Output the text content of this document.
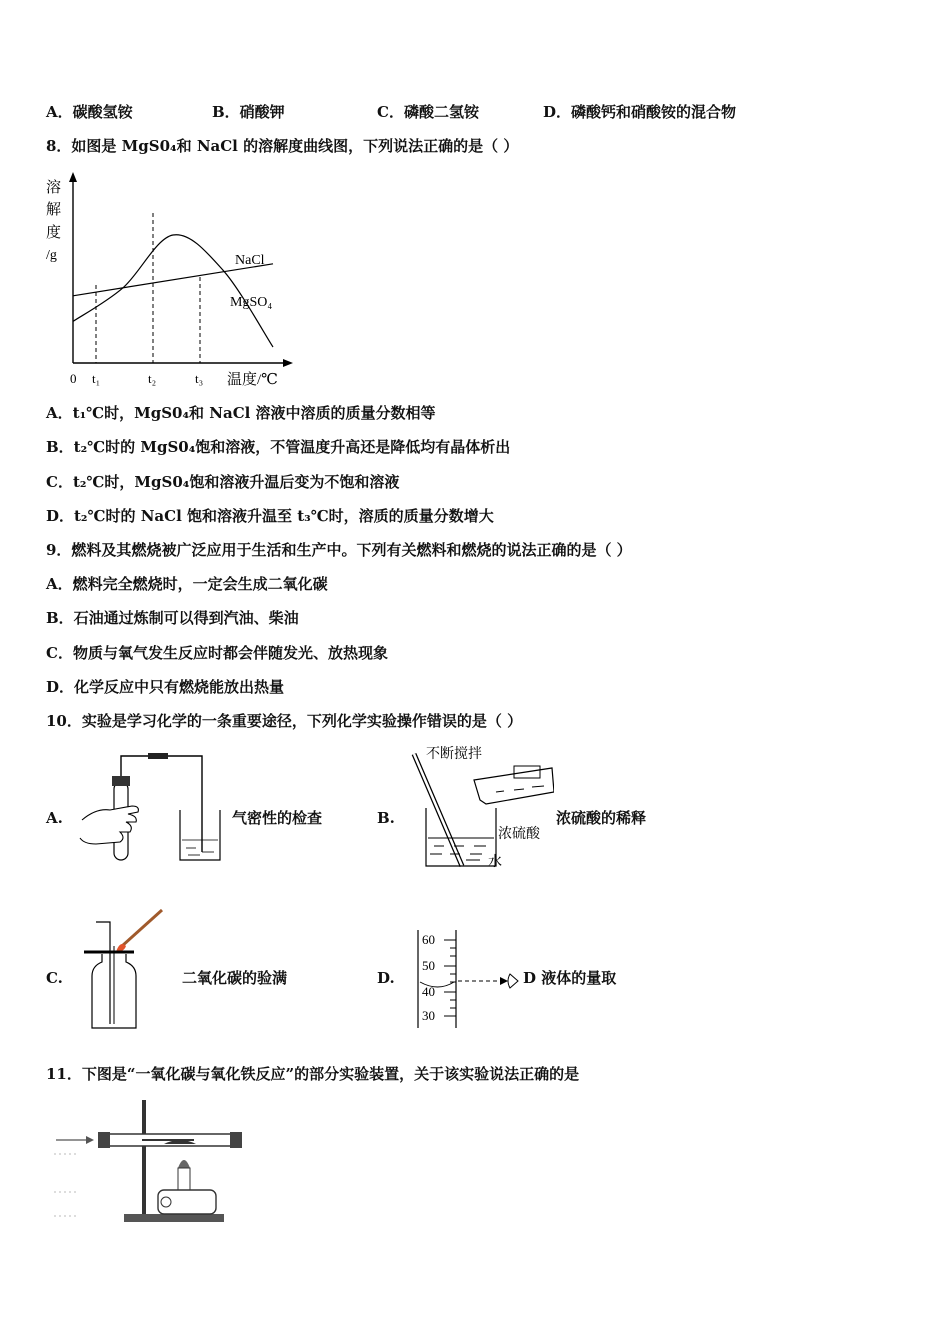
A．碳酸氢铵	B．硝酸钾	C．磷酸二氢铵	D．磷酸钙和硝酸铵的混合物
8．如图是 MgS0₄和 NaCl 的溶解度曲线图，下列说法正确的是（ ）
溶
解
度
/g
0 t₁	t₂	t₃ 温度/℃
NaCl
MgSO₄
A．t₁℃时，MgS0₄和 NaCl 溶液中溶质的质量分数相等
B．t₂℃时的 MgS0₄饱和溶液，不管温度升高还是降低均有晶体析出
C．t₂℃时，MgS0₄饱和溶液升温后变为不饱和溶液
D．t₂℃时的 NaCl 饱和溶液升温至 t₃℃时，溶质的质量分数增大
9．燃料及其燃烧被广泛应用于生活和生产中。下列有关燃料和燃烧的说法正确的是（ ）
A．燃料完全燃烧时，一定会生成二氧化碳
B．石油通过炼制可以得到汽油、柴油
C．物质与氧气发生反应时都会伴随发光、放热现象
D．化学反应中只有燃烧能放出热量
10．实验是学习化学的一条重要途径，下列化学实验操作错误的是（ ）
A.	气密性的检查	B.
不断搅拌
浓硫酸
水
浓硫酸的稀释
C.	二氧化碳的验满	D.
60
50
40
30
D 液体的量取
11．下图是“一氧化碳与氧化铁反应”的部分实验装置，关于该实验说法正确的是
